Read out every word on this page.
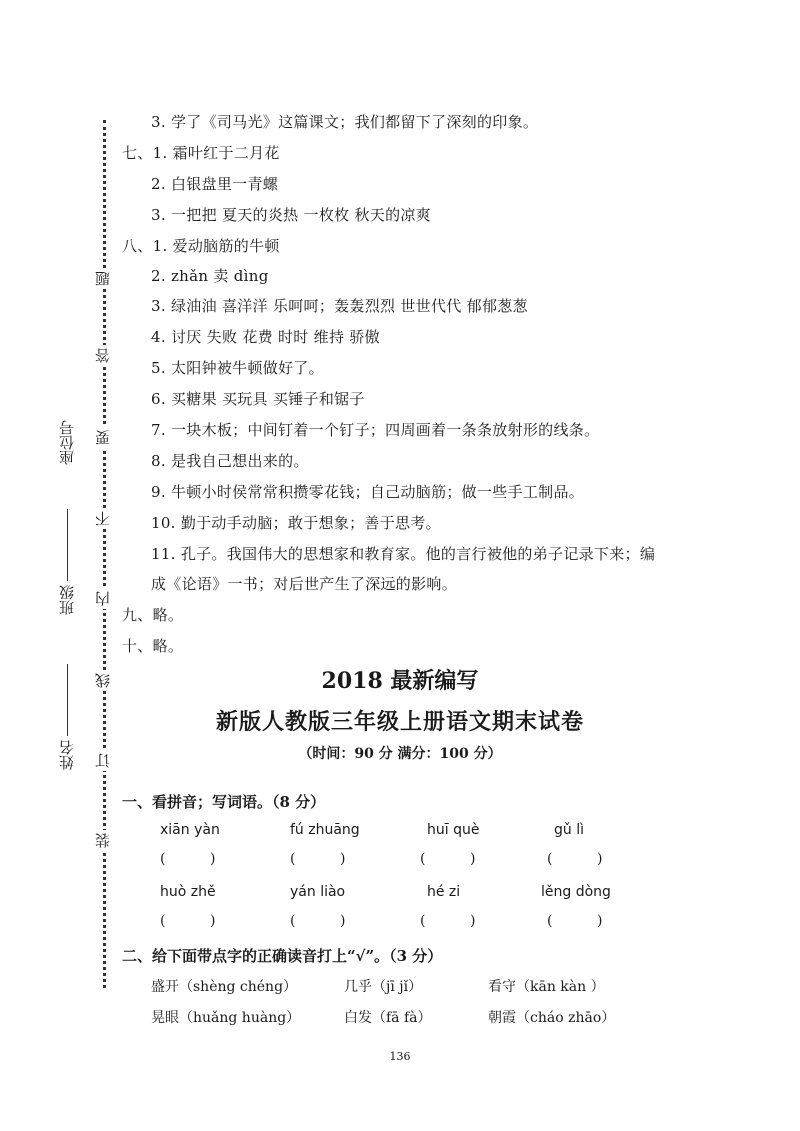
座位号
班级
姓名
题
答
要
不
内
线
订
装
3. 学了《司马光》这篇课文；我们都留下了深刻的印象。
七、1. 霜叶红于二月花
2. 白银盘里一青螺
3. 一把把 夏天的炎热 一枚枚 秋天的凉爽
八、1. 爱动脑筋的牛顿
2. zhǎn 卖 dìng
3. 绿油油 喜洋洋 乐呵呵；轰轰烈烈 世世代代 郁郁葱葱
4. 讨厌 失败 花费 时时 维持 骄傲
5. 太阳钟被牛顿做好了。
6. 买糖果 买玩具 买锤子和锯子
7. 一块木板；中间钉着一个钉子；四周画着一条条放射形的线条。
8. 是我自己想出来的。
9. 牛顿小时侯常常积攒零花钱；自己动脑筋；做一些手工制品。
10. 勤于动手动脑；敢于想象；善于思考。
11. 孔子。我国伟大的思想家和教育家。他的言行被他的弟子记录下来；编
成《论语》一书；对后世产生了深远的影响。
九、略。
十、略。
2018 最新编写
新版人教版三年级上册语文期末试卷
（时间：90 分 满分：100 分）
一、看拼音；写词语。（8 分）
xiān yàn	fú zhuāng	huī què	gǔ lì
(          )	(          )	(          )	(          )
huò zhě	yán liào	hé zi	lěng dòng
(          )	(          )	(          )	(          )
二、给下面带点字的正确读音打上“√”。（3 分）
盛开（shèng chéng）	几乎（jī jǐ）	看守（kān kàn ）
晃眼（huǎng huàng）	白发（fā fà）	朝霞（cháo zhāo）
136
